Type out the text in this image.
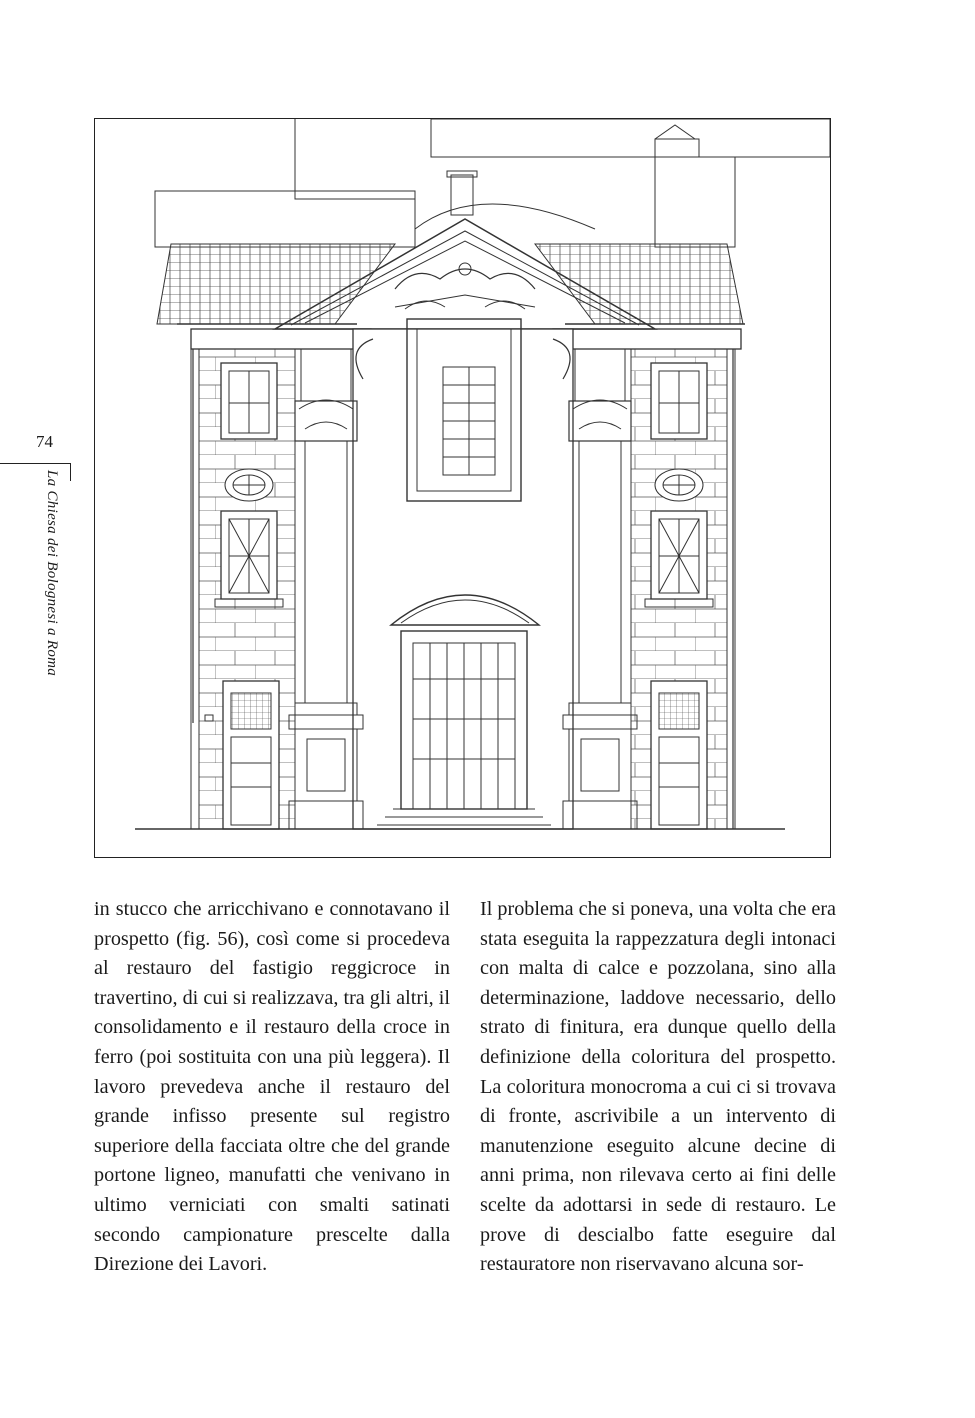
74
La Chiesa dei Bolognesi a Roma

in stucco che arricchivano e connotavano il prospetto (fig. 56), così come si procedeva al restauro del fastigio reggicroce in travertino, di cui si realizzava, tra gli altri, il consolidamento e il restauro della croce in ferro (poi sostituita con una più leggera). Il lavoro prevedeva anche il restauro del grande infisso presente sul registro superiore della facciata oltre che del grande portone ligneo, manufatti che venivano in ultimo verniciati con smalti satinati secondo campionature prescelte dalla Direzione dei Lavori.

Il problema che si poneva, una volta che era stata eseguita la rappezzatura degli intonaci con malta di calce e pozzolana, sino alla determinazione, laddove necessario, dello strato di finitura, era dunque quello della definizione della coloritura del prospetto. La coloritura monocroma a cui ci si trovava di fronte, ascrivibile a un intervento di manutenzione eseguito alcune decine di anni prima, non rilevava certo ai fini delle scelte da adottarsi in sede di restauro. Le prove di descialbo fatte eseguire dal restauratore non riservavano alcuna sor-
